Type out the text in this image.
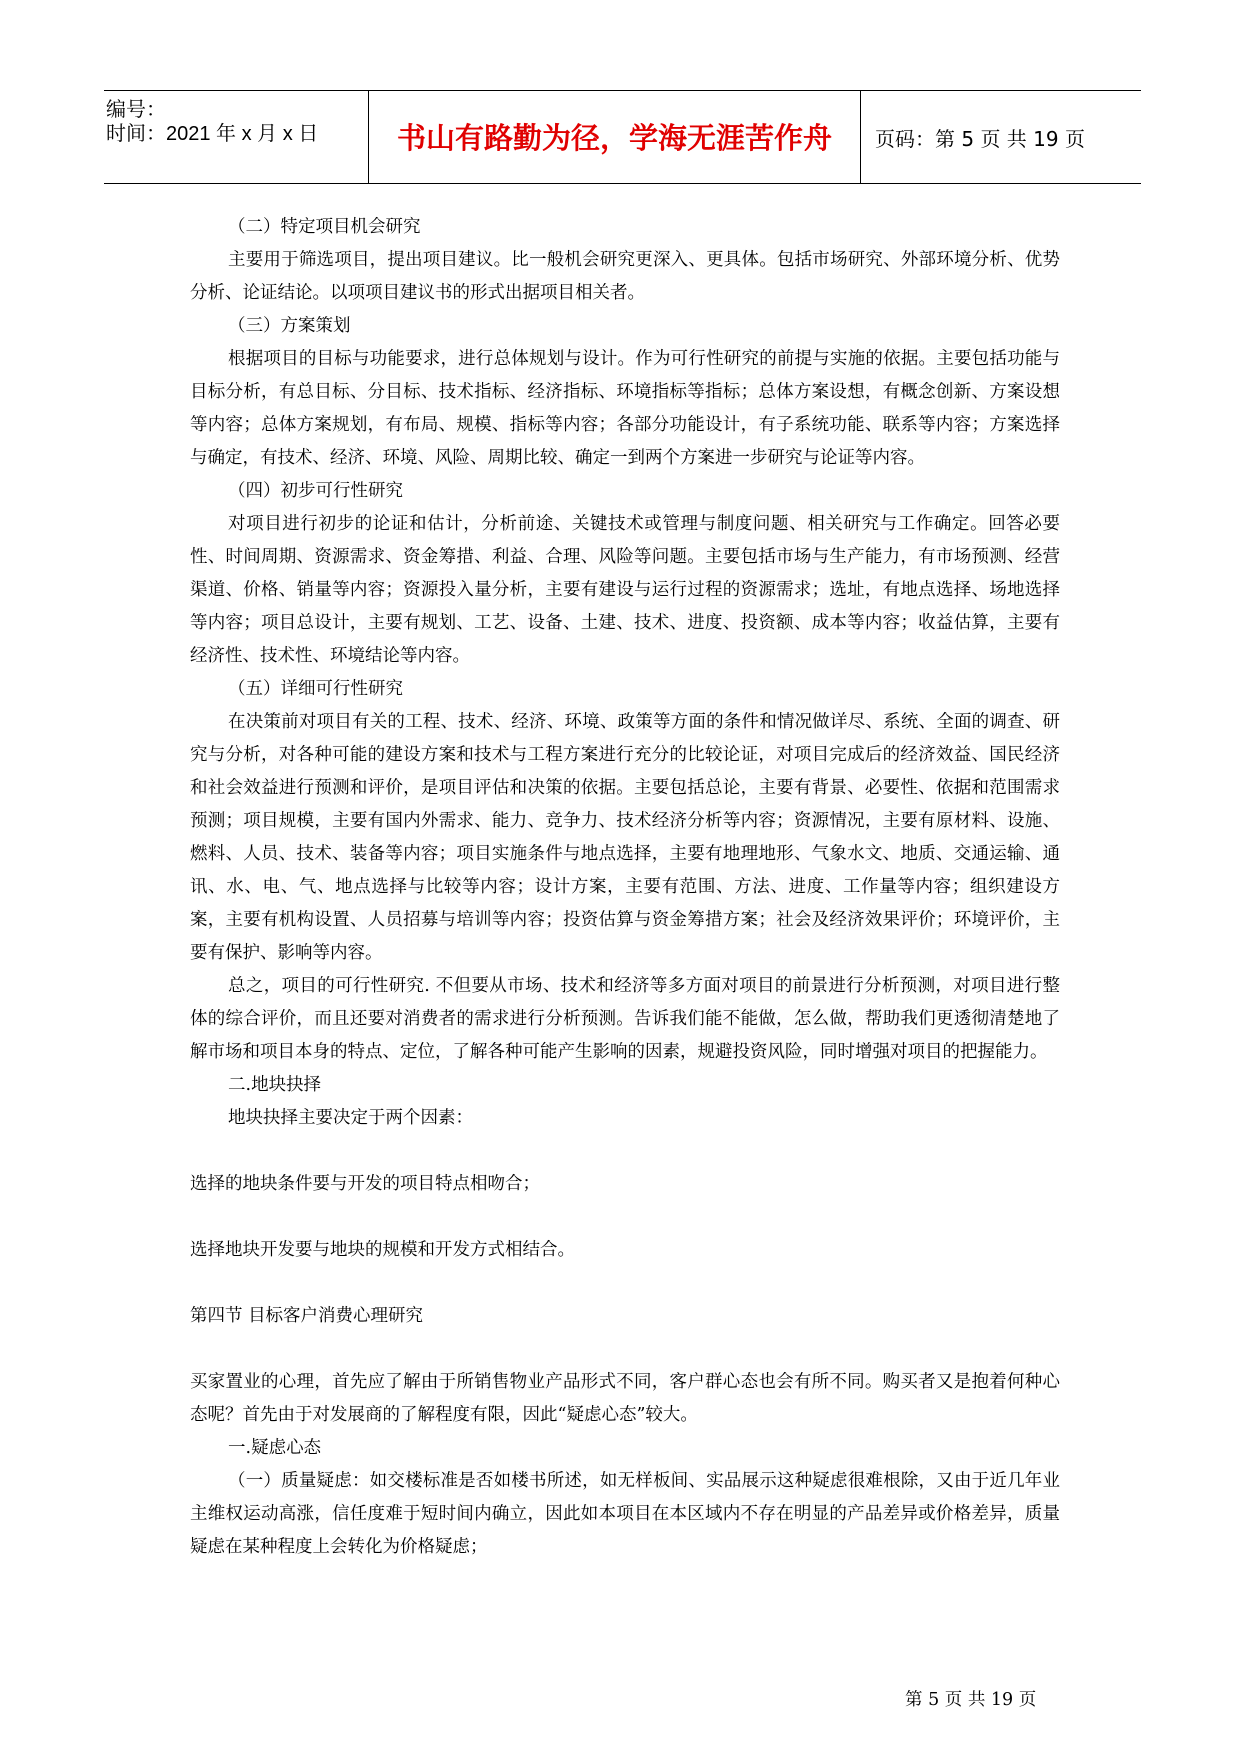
编号：
时间：2021 年 x 月 x 日	书山有路勤为径，学海无涯苦作舟	页码：第 5 页 共 19 页

（二）特定项目机会研究

主要用于筛选项目，提出项目建议。比一般机会研究更深入、更具体。包括市场研究、外部环境分析、优势分析、论证结论。以项项目建议书的形式出据项目相关者。

（三）方案策划

根据项目的目标与功能要求，进行总体规划与设计。作为可行性研究的前提与实施的依据。主要包括功能与目标分析，有总目标、分目标、技术指标、经济指标、环境指标等指标；总体方案设想，有概念创新、方案设想等内容；总体方案规划，有布局、规模、指标等内容；各部分功能设计，有子系统功能、联系等内容；方案选择与确定，有技术、经济、环境、风险、周期比较、确定一到两个方案进一步研究与论证等内容。

（四）初步可行性研究

对项目进行初步的论证和估计，分析前途、关键技术或管理与制度问题、相关研究与工作确定。回答必要性、时间周期、资源需求、资金筹措、利益、合理、风险等问题。主要包括市场与生产能力，有市场预测、经营渠道、价格、销量等内容；资源投入量分析，主要有建设与运行过程的资源需求；选址，有地点选择、场地选择等内容；项目总设计，主要有规划、工艺、设备、土建、技术、进度、投资额、成本等内容；收益估算，主要有经济性、技术性、环境结论等内容。

（五）详细可行性研究

在决策前对项目有关的工程、技术、经济、环境、政策等方面的条件和情况做详尽、系统、全面的调查、研究与分析，对各种可能的建设方案和技术与工程方案进行充分的比较论证，对项目完成后的经济效益、国民经济和社会效益进行预测和评价，是项目评估和决策的依据。主要包括总论，主要有背景、必要性、依据和范围需求预测；项目规模，主要有国内外需求、能力、竞争力、技术经济分析等内容；资源情况，主要有原材料、设施、燃料、人员、技术、装备等内容；项目实施条件与地点选择，主要有地理地形、气象水文、地质、交通运输、通讯、水、电、气、地点选择与比较等内容；设计方案，主要有范围、方法、进度、工作量等内容；组织建设方案，主要有机构设置、人员招募与培训等内容；投资估算与资金筹措方案；社会及经济效果评价；环境评价，主要有保护、影响等内容。

总之，项目的可行性研究. 不但要从市场、技术和经济等多方面对项目的前景进行分析预测，对项目进行整体的综合评价，而且还要对消费者的需求进行分析预测。告诉我们能不能做，怎么做，帮助我们更透彻清楚地了解市场和项目本身的特点、定位，了解各种可能产生影响的因素，规避投资风险，同时增强对项目的把握能力。

二.地块抉择

地块抉择主要决定于两个因素：

选择的地块条件要与开发的项目特点相吻合；

选择地块开发要与地块的规模和开发方式相结合。

第四节 目标客户消费心理研究

买家置业的心理，首先应了解由于所销售物业产品形式不同，客户群心态也会有所不同。购买者又是抱着何种心态呢？首先由于对发展商的了解程度有限，因此“疑虑心态”较大。

一.疑虑心态

（一）质量疑虑：如交楼标准是否如楼书所述，如无样板间、实品展示这种疑虑很难根除，又由于近几年业主维权运动高涨，信任度难于短时间内确立，因此如本项目在本区域内不存在明显的产品差异或价格差异，质量疑虑在某种程度上会转化为价格疑虑；

第 5 页 共 19 页
